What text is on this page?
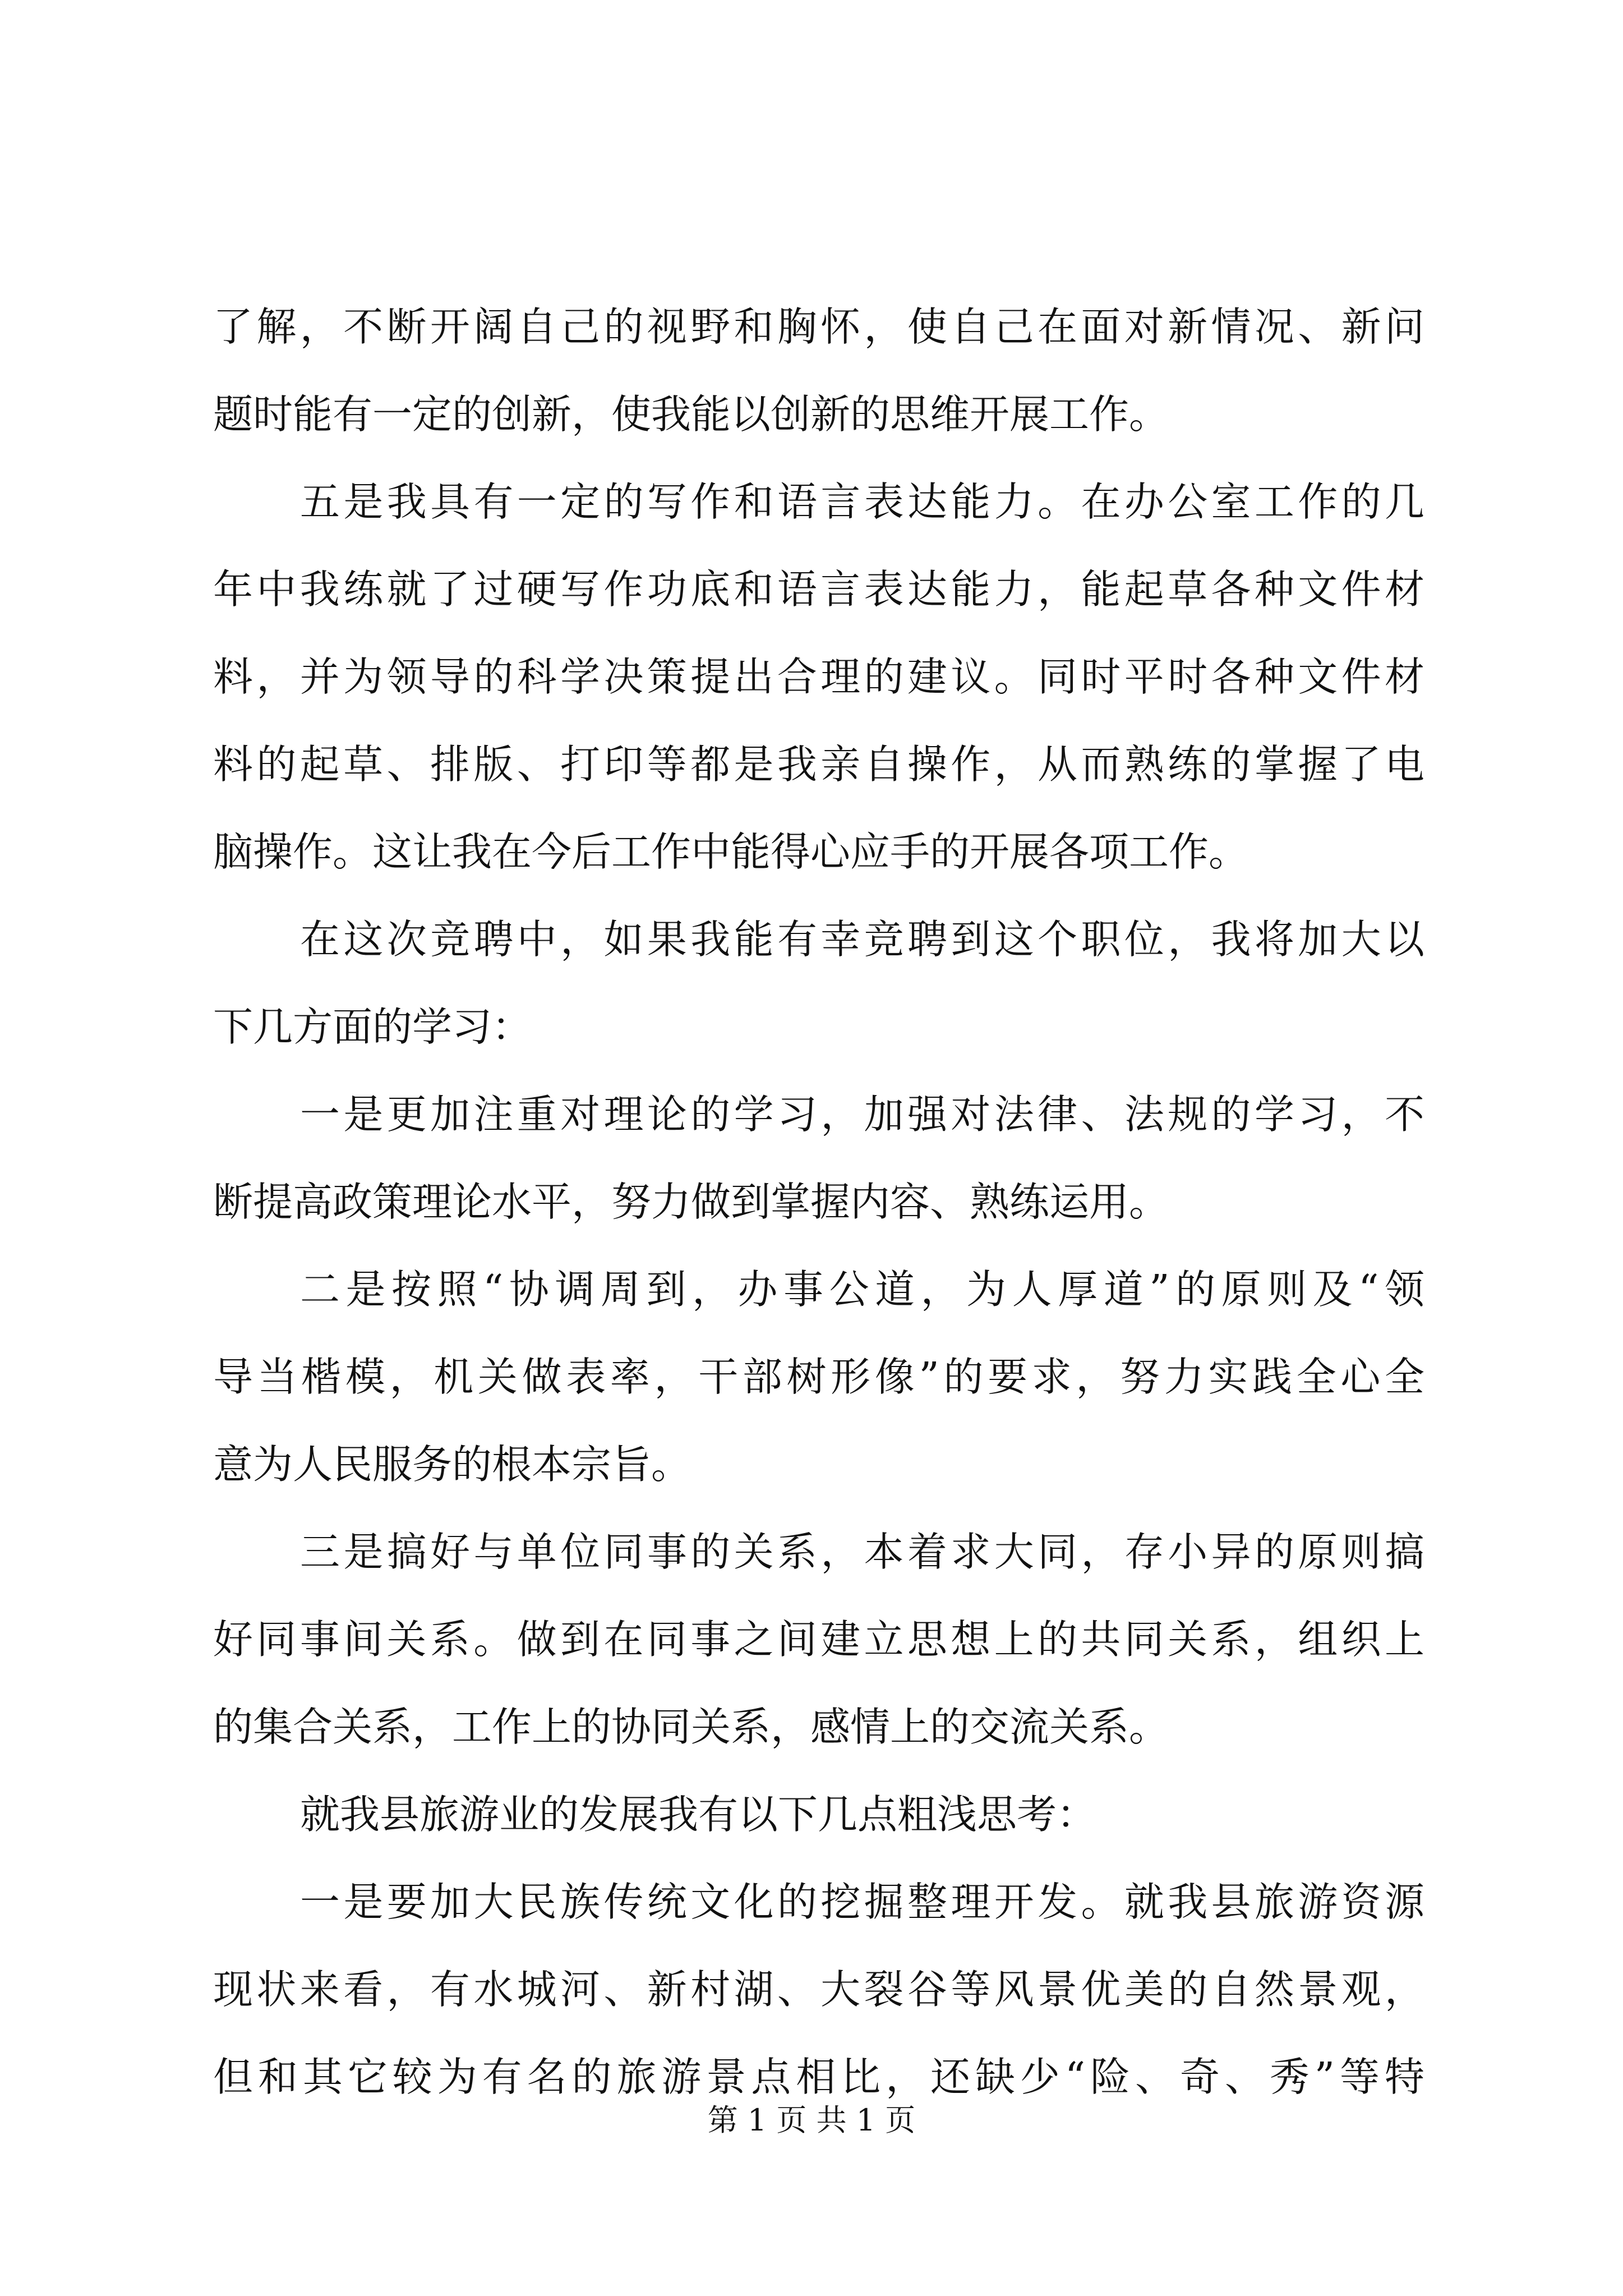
了解，不断开阔自己的视野和胸怀，使自己在面对新情况、新问
题时能有一定的创新，使我能以创新的思维开展工作。
五是我具有一定的写作和语言表达能力。在办公室工作的几
年中我练就了过硬写作功底和语言表达能力，能起草各种文件材
料，并为领导的科学决策提出合理的建议。同时平时各种文件材
料的起草、排版、打印等都是我亲自操作，从而熟练的掌握了电
脑操作。这让我在今后工作中能得心应手的开展各项工作。
在这次竞聘中，如果我能有幸竞聘到这个职位，我将加大以
下几方面的学习：
一是更加注重对理论的学习，加强对法律、法规的学习，不
断提高政策理论水平，努力做到掌握内容、熟练运用。
二是按照“协调周到，办事公道，为人厚道”的原则及“领
导当楷模，机关做表率，干部树形像”的要求，努力实践全心全
意为人民服务的根本宗旨。
三是搞好与单位同事的关系，本着求大同，存小异的原则搞
好同事间关系。做到在同事之间建立思想上的共同关系，组织上
的集合关系，工作上的协同关系，感情上的交流关系。
就我县旅游业的发展我有以下几点粗浅思考：
一是要加大民族传统文化的挖掘整理开发。就我县旅游资源
现状来看，有水城河、新村湖、大裂谷等风景优美的自然景观，
但和其它较为有名的旅游景点相比，还缺少“险、奇、秀”等特
第 1 页 共 1 页
